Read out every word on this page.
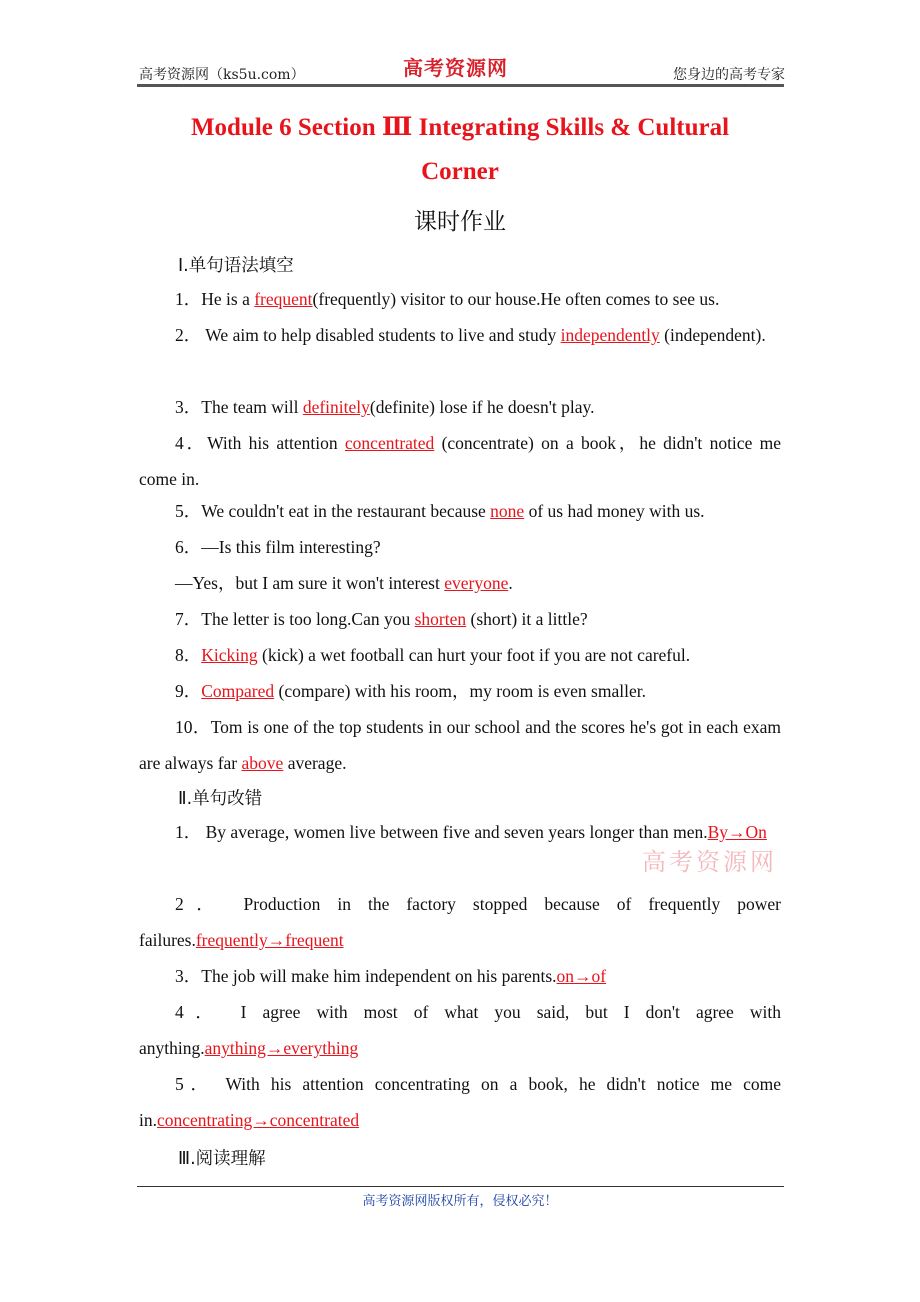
高考资源网（ks5u.com）	高考资源网	您身边的高考专家
Module 6 Section Ⅲ Integrating Skills & Cultural
Corner
课时作业
Ⅰ.单句语法填空
1．He is a frequent(frequently) visitor to our house.He often comes to see us.
2． We aim to help disabled students to live and study independently (independent).
3．The team will definitely(definite) lose if he doesn't play.
4．With his attention concentrated (concentrate) on a book，he didn't notice me come in.
5．We couldn't eat in the restaurant because none of us had money with us.
6．—Is this film interesting?
—Yes，but I am sure it won't interest everyone.
7．The letter is too long.Can you shorten (short) it a little?
8．Kicking (kick) a wet football can hurt your foot if you are not careful.
9．Compared (compare) with his room，my room is even smaller.
10．Tom is one of the top students in our school and the scores he's got in each exam are always far above average.
Ⅱ.单句改错
1． By average, women live between five and seven years longer than men.By→On
2． Production in the factory stopped because of frequently power failures.frequently→frequent
3．The job will make him independent on his parents.on→of
4． I agree with most of what you said, but I don't agree with anything.anything→everything
5． With his attention concentrating on a book, he didn't notice me come in.concentrating→concentrated
Ⅲ.阅读理解
高考资源网
高考资源网版权所有，侵权必究！
